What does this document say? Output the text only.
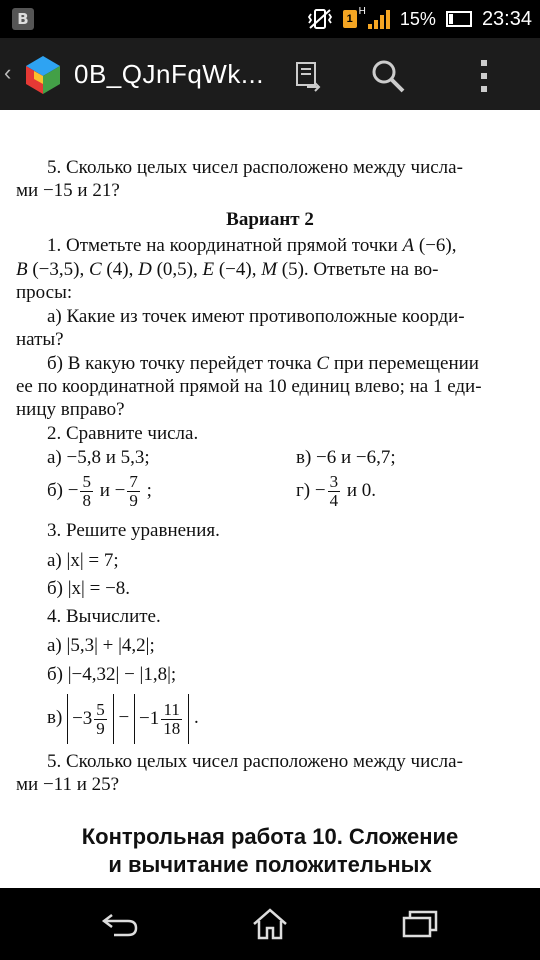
B	1
H 15% 23:34
‹ 0B_QJnFqWk...
5. Сколько целых чисел расположено между числа-
ми −15 и 21?
Вариант 2
1. Отметьте на координатной прямой точки A (−6),
B (−3,5), C (4), D (0,5), E (−4), M (5). Ответьте на во-
просы:
а) Какие из точек имеют противоположные коорди-
наты?
б) В какую точку перейдет точка C при перемещении
ее по координатной прямой на 10 единиц влево; на 1 еди-
ницу вправо?
2. Сравните числа.
а) −5,8 и 5,3;	в) −6 и −6,7;
$б) - \frac{5}{8}$ $и - \frac{7}{9}$ ;	$г) - \frac{3}{4}$ и 0.
3. Решите уравнения.
а) |x| = 7;
б) |x| = −8.
4. Вычислите.
а) |5,3| + |4,2|;
б) |−4,32| − |1,8|;
$в) -3 \frac{5}{9} - -1 \frac{11}{18}$ .
5. Сколько целых чисел расположено между числа-
ми −11 и 25?
Контрольная работа 10. Сложение
и вычитание положительных
